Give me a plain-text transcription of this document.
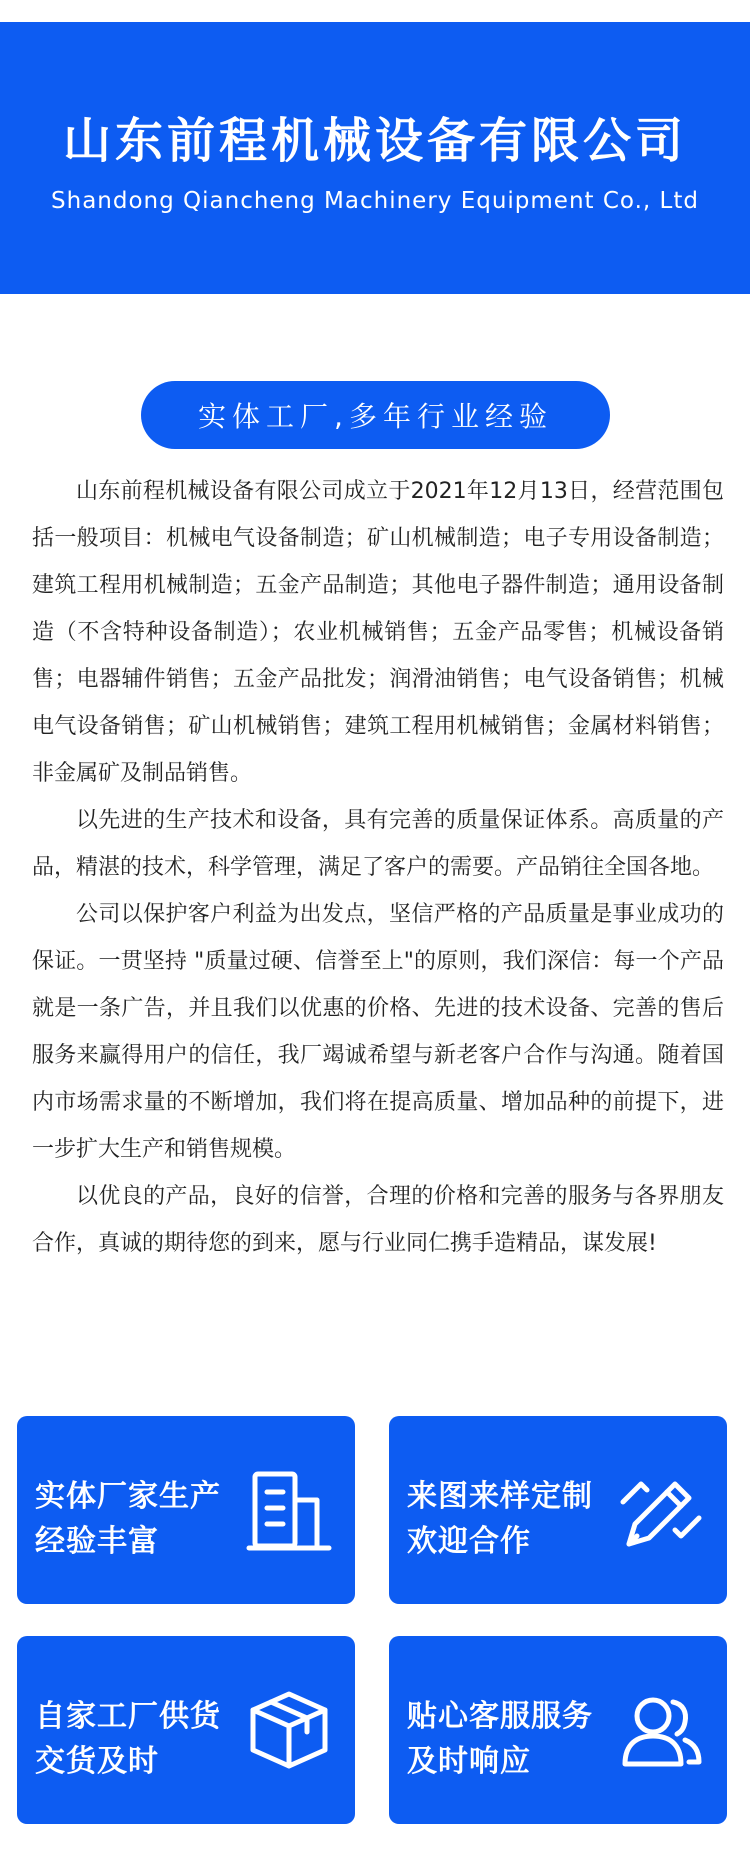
山东前程机械设备有限公司
Shandong Qiancheng Machinery Equipment Co., Ltd
实体工厂,多年行业经验

山东前程机械设备有限公司成立于2021年12月13日，经营范围包括一般项目：机械电气设备制造；矿山机械制造；电子专用设备制造；建筑工程用机械制造；五金产品制造；其他电子器件制造；通用设备制造（不含特种设备制造）；农业机械销售；五金产品零售；机械设备销售；电器辅件销售；五金产品批发；润滑油销售；电气设备销售；机械电气设备销售；矿山机械销售；建筑工程用机械销售；金属材料销售；非金属矿及制品销售。

以先进的生产技术和设备，具有完善的质量保证体系。高质量的产品，精湛的技术，科学管理，满足了客户的需要。产品销往全国各地。

公司以保护客户利益为出发点，坚信严格的产品质量是事业成功的保证。一贯坚持 "质量过硬、信誉至上"的原则，我们深信：每一个产品就是一条广告，并且我们以优惠的价格、先进的技术设备、完善的售后服务来赢得用户的信任，我厂竭诚希望与新老客户合作与沟通。随着国内市场需求量的不断增加，我们将在提高质量、增加品种的前提下，进一步扩大生产和销售规模。

以优良的产品，良好的信誉，合理的价格和完善的服务与各界朋友合作，真诚的期待您的到来，愿与行业同仁携手造精品，谋发展!

实体厂家生产
经验丰富
来图来样定制
欢迎合作
自家工厂供货
交货及时
贴心客服服务
及时响应
